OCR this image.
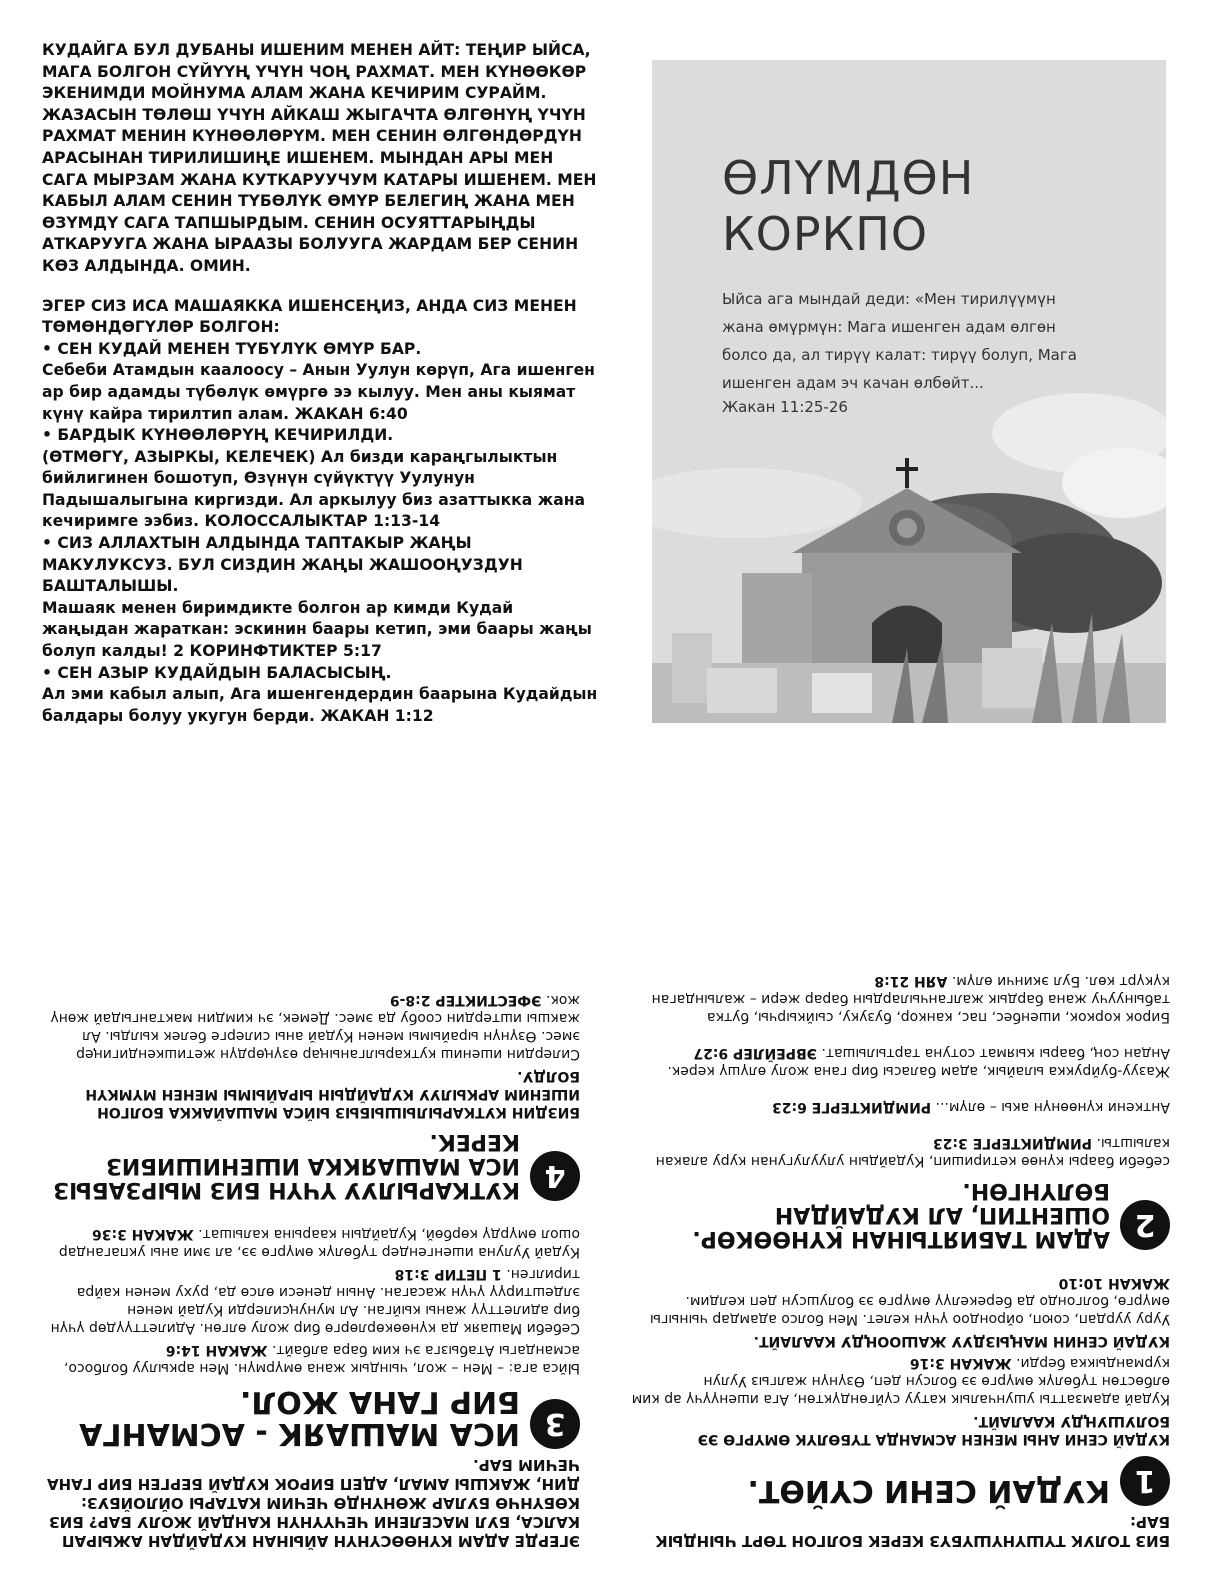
КУДАЙГА БУЛ ДУБАНЫ ИШЕНИМ МЕНЕН АЙТ: ТЕҢИР ЫЙСА, МАГА БОЛГОН СҮЙҮҮҢ ҮЧҮН ЧОҢ РАХМАТ. МЕН КҮНӨӨКӨР ЭКЕНИМДИ МОЙНУМА АЛАМ ЖАНА КЕЧИРИМ СУРАЙМ. ЖАЗАСЫН ТӨЛӨШ ҮЧҮН АЙКАШ ЖЫГАЧТА ӨЛГӨНҮҢ ҮЧҮН РАХМАТ МЕНИН КҮНӨӨЛӨРҮМ. МЕН СЕНИН ӨЛГӨНДӨРДҮН АРАСЫНАН ТИРИЛИШИҢЕ ИШЕНЕМ. МЫНДАН АРЫ МЕН САГА МЫРЗАМ ЖАНА КУТКАРУУЧУМ КАТАРЫ ИШЕНЕМ. МЕН КАБЫЛ АЛАМ СЕНИН ТҮБӨЛҮК ӨМҮР БЕЛЕГИҢ ЖАНА МЕН ӨЗҮМДҮ САГА ТАПШЫРДЫМ. СЕНИН ОСУЯТТАРЫҢДЫ АТКАРУУГА ЖАНА ЫРААЗЫ БОЛУУГА ЖАРДАМ БЕР СЕНИН КӨЗ АЛДЫНДА. ОМИН.

ЭГЕР СИЗ ИСА МАШАЯККА ИШЕНСЕҢИЗ, АНДА СИЗ МЕНЕН ТӨМӨНДӨГҮЛӨР БОЛГОН:

• СЕН КУДАЙ МЕНЕН ТҮБҮЛҮК ӨМҮР БАР.
Себеби Атамдын каалоосу – Анын Уулун көрүп, Ага ишенген ар бир адамды түбөлүк өмүргө ээ кылуу. Мен аны кыямат күнү кайра тирилтип алам. ЖАКАН 6:40
• БАРДЫК КҮНӨӨЛӨРҮҢ КЕЧИРИЛДИ.
(ӨТМӨГҮ, АЗЫРКЫ, КЕЛЕЧЕК) Ал бизди караңгылыктын бийлигинен бошотуп, Өзүнүн сүйүктүү Уулунун Падышалыгына киргизди. Ал аркылуу биз азаттыкка жана кечиримге ээбиз. КОЛОССАЛЫКТАР 1:13-14
• СИЗ АЛЛАХТЫН АЛДЫНДА ТАПТАКЫР ЖАҢЫ МАКУЛУКСУЗ. БУЛ СИЗДИН ЖАҢЫ ЖАШООҢУЗДУН БАШТАЛЫШЫ.
Машаяк менен биримдикте болгон ар кимди Кудай жаңыдан жараткан: эскинин баары кетип, эми баары жаңы болуп калды! 2 КОРИНФТИКТЕР 5:17
• СЕН АЗЫР КУДАЙДЫН БАЛАСЫСЫҢ.
Ал эми кабыл алып, Ага ишенгендердин баарына Кудайдын балдары болуу укугун берди. ЖАКАН 1:12
ӨЛҮМДӨН КОРКПО
Ыйса ага мындай деди: «Мен тирилүүмүн жана өмүрмүн: Мага ишенген адам өлгөн болсо да, ал тирүү калат: тирүү болуп, Мага ишенген адам эч качан өлбөйт...
Жакан 11:25-26
БИЗ ТОЛУК ТҮШҮНҮШҮБҮЗ КЕРЕК БОЛГОН ТӨРТ ЧЫНДЫК БАР:
1
КУДАЙ СЕНИ СҮЙӨТ.
КУДАЙ СЕНИ АНЫ МЕНЕН АСМАНДА ТҮБӨЛҮК ӨМҮРГӨ ЭЭ БОЛУШУҢДУ КААЛАЙТ.
Кудай адамзатты ушунчалык катуу сүйгөндүктөн, Ага ишенүүчү ар ким өлбөстөн түбөлүк өмүргө ээ болсун деп, Өзүнүн жалгыз Уулун курмандыкка берди. ЖАКАН 3:16
КУДАЙ СЕНИН МАҢЫЗДУУ ЖАШООҢДУ КААЛАЙТ.
Ууру уурдап, союп, ойрондоо үчүн келет. Мен болсо адамдар чыныгы өмүргө, болгондо да берекелүү өмүргө ээ болушсун деп келдим. ЖАКАН 10:10
2
АДАМ ТАБИЯТЫНАН КҮНӨӨКӨР. ОШЕНТИП, АЛ КУДАЙДАН БӨЛҮНГӨН.
себеби баары күнөө кетиришип, Кудайдын улуулугунан куру алакан калышты. РИМДИКТЕРГЕ 3:23
Анткени күнөөнүн акы – өлүм... РИМДИКТЕРГЕ 6:23
Жазуу-буйрукка ылайык, адам баласы бир гана жолу өлүшү керек. Андан соң, баары кыямат сотуна тартылышат. ЭВРЕЙЛЕР 9:27
Бирок коркок, ишенбес, пас, канкор, бузуку, сыйкырчы, бутка табынуучу жана бардык жалганчылардын барар жери – жалындаган күкүрт көл. Бул экинчи өлүм. АЯН 21:8
ЭГЕРДЕ АДАМ КҮНӨӨСҮНҮН АЙЫНАН КУДАЙДАН АЖЫРАП КАЛСА, БУЛ МАСЕЛЕНИ ЧЕЧҮҮНҮН КАНДАЙ ЖОЛУ БАР? БИЗ КӨБҮНЧӨ БУЛАР ЖӨНҮНДӨ ЧЕЧИМ КАТАРЫ ОЙЛОЙБУЗ: ДИН, ЖАКШЫ АМАЛ, АДЕП БИРОК КУДАЙ БЕРГЕН БИР ГАНА ЧЕЧИМ БАР.
3
ИСА МАШАЯК - АСМАНГА БИР ГАНА ЖОЛ.
Ыйса ага: – Мен – жол, чындык жана өмүрмүн. Мен аркылуу болбосо, асмандагы Атабызга эч ким бара албайт. ЖАКАН 14:6
Себеби Машаяк да күнөөкөрлөргө бир жолу өлгөн. Адилеттүүдөр үчүн бир адилеттүү жаны кыйган. Ал мунуңсилерди Кудай менен элдештирүү үчүн жасаган. Анын денеси өлсө да, руху менен кайра тирилген. 1 ПЕТИР 3:18
Кудай Уулуна ишенгендер түбөлүк өмүргө ээ, ал эми аны укпагандар ошол өмүрдү көрбөй, Кудайдын каарына калышат. ЖАКАН 3:36
4
КУТКАРЫЛУУ ҮЧҮН БИЗ МЫРЗАБЫЗ ИСА МАШАЯККА ИШЕНИШИБИЗ КЕРЕК.
БИЗДИН КУТКАРЫЛЫШЫБЫЗ ЫЙСА МАШАЙАККА БОЛГОН ИШЕНИМ АРКЫЛУУ КУДАЙДЫН ЫРАЙЫМЫ МЕНЕН МҮМКҮН БОЛДУ.
Силердин ишениш куткарылганыңар өзүңөрдүн жетишкендигиңер эмес. Өзүнүн ырайымы менен Кудай аны силерге белек кылды. Ал жакшы иштердин сообу да эмес. Демек, эч кимдин мактангыдай жөнү жок. ЭФЕСТИКТЕР 2:8-9
